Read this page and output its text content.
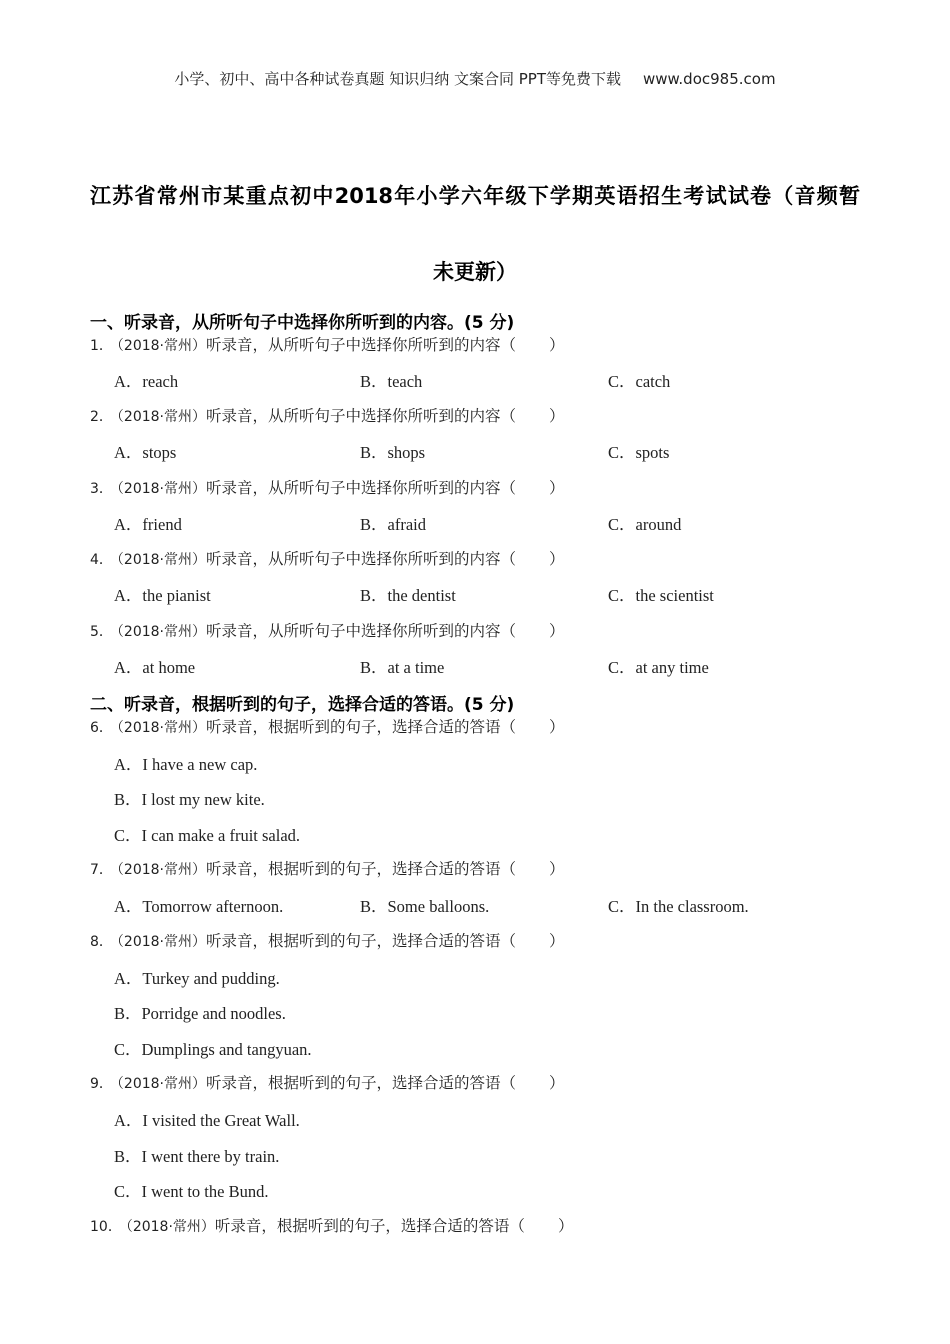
小学、初中、高中各种试卷真题 知识归纳 文案合同 PPT等免费下载 www.doc985.com
江苏省常州市某重点初中2018年小学六年级下学期英语招生考试试卷（音频暂
未更新）
一、听录音，从所听句子中选择你所听到的内容。(5 分)
1． （2018·常州）听录音，从所听句子中选择你所听到的内容（　　）
A．reach	B．teach	C．catch
2． （2018·常州）听录音，从所听句子中选择你所听到的内容（　　）
A．stops	B．shops	C．spots
3． （2018·常州）听录音，从所听句子中选择你所听到的内容（　　）
A．friend	B．afraid	C．around
4． （2018·常州）听录音，从所听句子中选择你所听到的内容（　　）
A．the pianist	B．the dentist	C．the scientist
5． （2018·常州）听录音，从所听句子中选择你所听到的内容（　　）
A．at home	B．at a time	C．at any time
二、听录音，根据听到的句子，选择合适的答语。(5 分)
6． （2018·常州）听录音，根据听到的句子，选择合适的答语（　　）
A．I have a new cap.
B．I lost my new kite.
C．I can make a fruit salad.
7． （2018·常州）听录音，根据听到的句子，选择合适的答语（　　）
A．Tomorrow afternoon.	B．Some balloons.	C．In the classroom.
8． （2018·常州）听录音，根据听到的句子，选择合适的答语（　　）
A．Turkey and pudding.
B．Porridge and noodles.
C．Dumplings and tangyuan.
9． （2018·常州）听录音，根据听到的句子，选择合适的答语（　　）
A．I visited the Great Wall.
B．I went there by train.
C．I went to the Bund.
10． （2018·常州）听录音，根据听到的句子，选择合适的答语（　　）
